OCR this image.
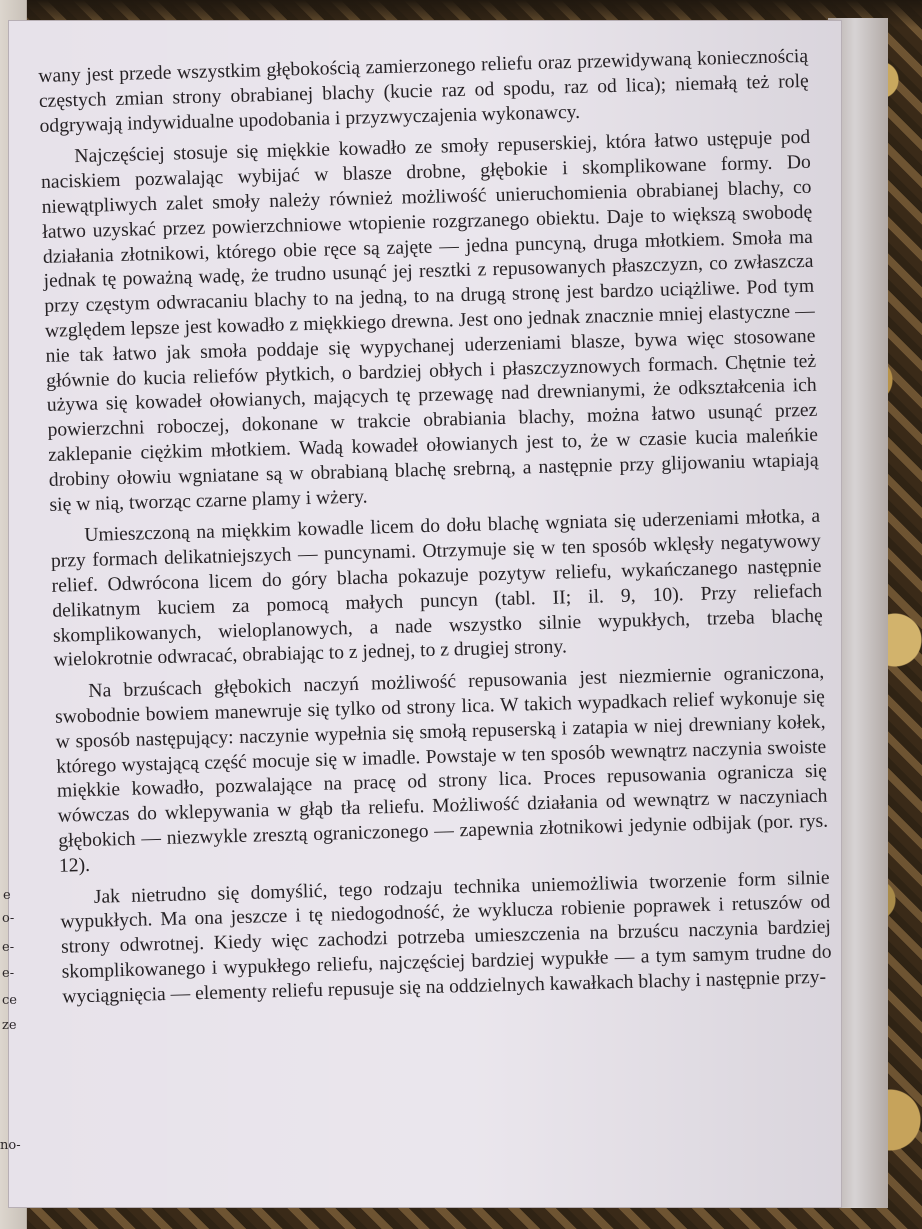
wany jest przede wszystkim głębokością zamierzonego reliefu oraz przewidywaną koniecznością częstych zmian strony obrabianej blachy (kucie raz od spodu, raz od lica); niemałą też rolę odgrywają indywidualne upodobania i przyzwyczajenia wykonawcy.

Najczęściej stosuje się miękkie kowadło ze smoły repuserskiej, która łatwo ustępuje pod naciskiem pozwalając wybijać w blasze drobne, głębokie i skomplikowane formy. Do niewątpliwych zalet smoły należy również możliwość unieruchomienia obrabianej blachy, co łatwo uzyskać przez powierzchniowe wtopienie rozgrzanego obiektu. Daje to większą swobodę działania złotnikowi, którego obie ręce są zajęte — jedna puncyną, druga młotkiem. Smoła ma jednak tę poważną wadę, że trudno usunąć jej resztki z repusowanych płaszczyzn, co zwłaszcza przy częstym odwracaniu blachy to na jedną, to na drugą stronę jest bardzo uciążliwe. Pod tym względem lepsze jest kowadło z miękkiego drewna. Jest ono jednak znacznie mniej elastyczne — nie tak łatwo jak smoła poddaje się wypychanej uderzeniami blasze, bywa więc stosowane głównie do kucia reliefów płytkich, o bardziej obłych i płaszczyznowych formach. Chętnie też używa się kowadeł ołowianych, mających tę przewagę nad drewnianymi, że odkształcenia ich powierzchni roboczej, dokonane w trakcie obrabiania blachy, można łatwo usunąć przez zaklepanie ciężkim młotkiem. Wadą kowadeł ołowianych jest to, że w czasie kucia maleńkie drobiny ołowiu wgniatane są w obrabianą blachę srebrną, a następnie przy glijowaniu wtapiają się w nią, tworząc czarne plamy i wżery.

Umieszczoną na miękkim kowadle licem do dołu blachę wgniata się uderzeniami młotka, a przy formach delikatniejszych — puncynami. Otrzymuje się w ten sposób wklęsły negatywowy relief. Odwrócona licem do góry blacha pokazuje pozytyw reliefu, wykańczanego następnie delikatnym kuciem za pomocą małych puncyn (tabl. II; il. 9, 10). Przy reliefach skomplikowanych, wieloplanowych, a nade wszystko silnie wypukłych, trzeba blachę wielokrotnie odwracać, obrabiając to z jednej, to z drugiej strony.

Na brzuścach głębokich naczyń możliwość repusowania jest niezmiernie ograniczona, swobodnie bowiem manewruje się tylko od strony lica. W takich wypadkach relief wykonuje się w sposób następujący: naczynie wypełnia się smołą repuserską i zatapia w niej drewniany kołek, którego wystającą część mocuje się w imadle. Powstaje w ten sposób wewnątrz naczynia swoiste miękkie kowadło, pozwalające na pracę od strony lica. Proces repusowania ogranicza się wówczas do wklepywania w głąb tła reliefu. Możliwość działania od wewnątrz w naczyniach głębokich — niezwykle zresztą ograniczonego — zapewnia złotnikowi jedynie odbijak (por. rys. 12).

Jak nietrudno się domyślić, tego rodzaju technika uniemożliwia tworzenie form silnie wypukłych. Ma ona jeszcze i tę niedogodność, że wyklucza robienie poprawek i retuszów od strony odwrotnej. Kiedy więc zachodzi potrzeba umieszczenia na brzuścu naczynia bardziej skomplikowanego i wypukłego reliefu, najczęściej bardziej wypukłe — a tym samym trudne do wyciągnięcia — elementy reliefu repusuje się na oddzielnych kawałkach blachy i następnie przy-

e
o-
e-
e-
ce
ze
no-
